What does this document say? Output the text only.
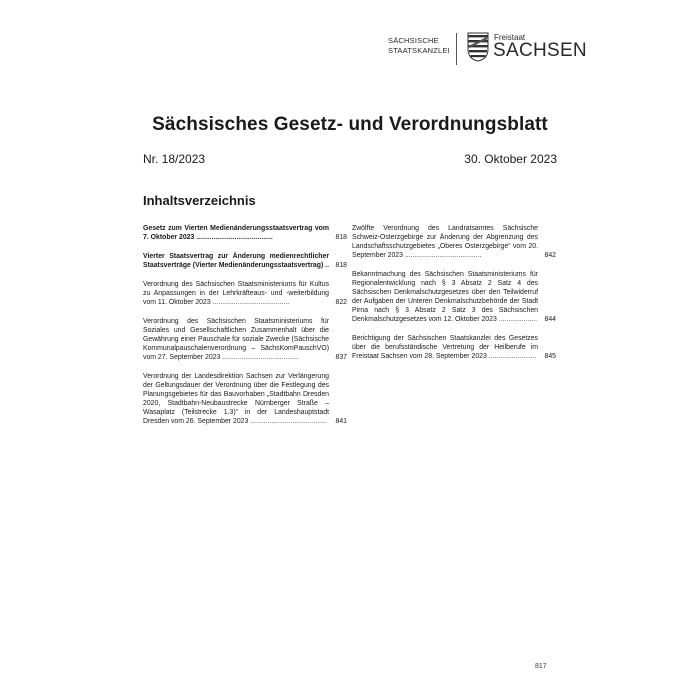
SÄCHSISCHE
STAATSKANZLEI
Freistaat
SACHSEN
Sächsisches Gesetz- und Verordnungsblatt
Nr. 18/2023	30. Oktober 2023
Inhaltsverzeichnis
Gesetz zum Vierten Medienänderungsstaatsvertrag vom 7. Oktober 2023 ........................................	818
Vierter Staatsvertrag zur Änderung medienrechtlicher Staatsverträge (Vierter Medienänderungsstaatsvertrag) .. 818
Verordnung des Sächsischen Staatsministeriums für Kultus zu Anpassungen in der Lehrkräfteaus- und -weiterbildung vom 11. Oktober 2023 ........................................	822
Verordnung des Sächsischen Staatsministeriums für Soziales und Gesellschaftlichen Zusammenhalt über die Gewährung einer Pauschale für soziale Zwecke (Sächsische Kommunalpauschalenverordnung – SächsKomPauschVO) vom 27. September 2023 ........................................	837
Verordnung der Landesdirektion Sachsen zur Verlängerung der Geltungsdauer der Verordnung über die Festlegung des Planungsgebietes für das Bauvorhaben „Stadtbahn Dresden 2020, Stadtbahn-Neubaustrecke Nürnberger Straße – Wasaplatz (Teilstrecke 1.3)“ in der Landeshauptstadt Dresden vom 26. September 2023 ........................................	841
Zwölfte Verordnung des Landratsamtes Sächsische Schweiz-Osterzgebirge zur Änderung der Abgrenzung des Landschaftsschutzgebietes „Oberes Osterzgebirge“ vom 20. September 2023 ........................................	842
Bekanntmachung des Sächsischen Staatsministeriums für Regionalentwicklung nach § 3 Absatz 2 Satz 4 des Sächsischen Denkmalschutzgesetzes über den Teilwiderruf der Aufgaben der Unteren Denkmalschutzbehörde der Stadt Pirna nach § 3 Absatz 2 Satz 3 des Sächsischen Denkmalschutzgesetzes vom 12. Oktober 2023 ....................	844
Berichtigung der Sächsischen Staatskanzlei des Gesetzes über die berufsständische Vertretung der Heilberufe im Freistaat Sachsen vom 28. September 2023 .........................	845
817
